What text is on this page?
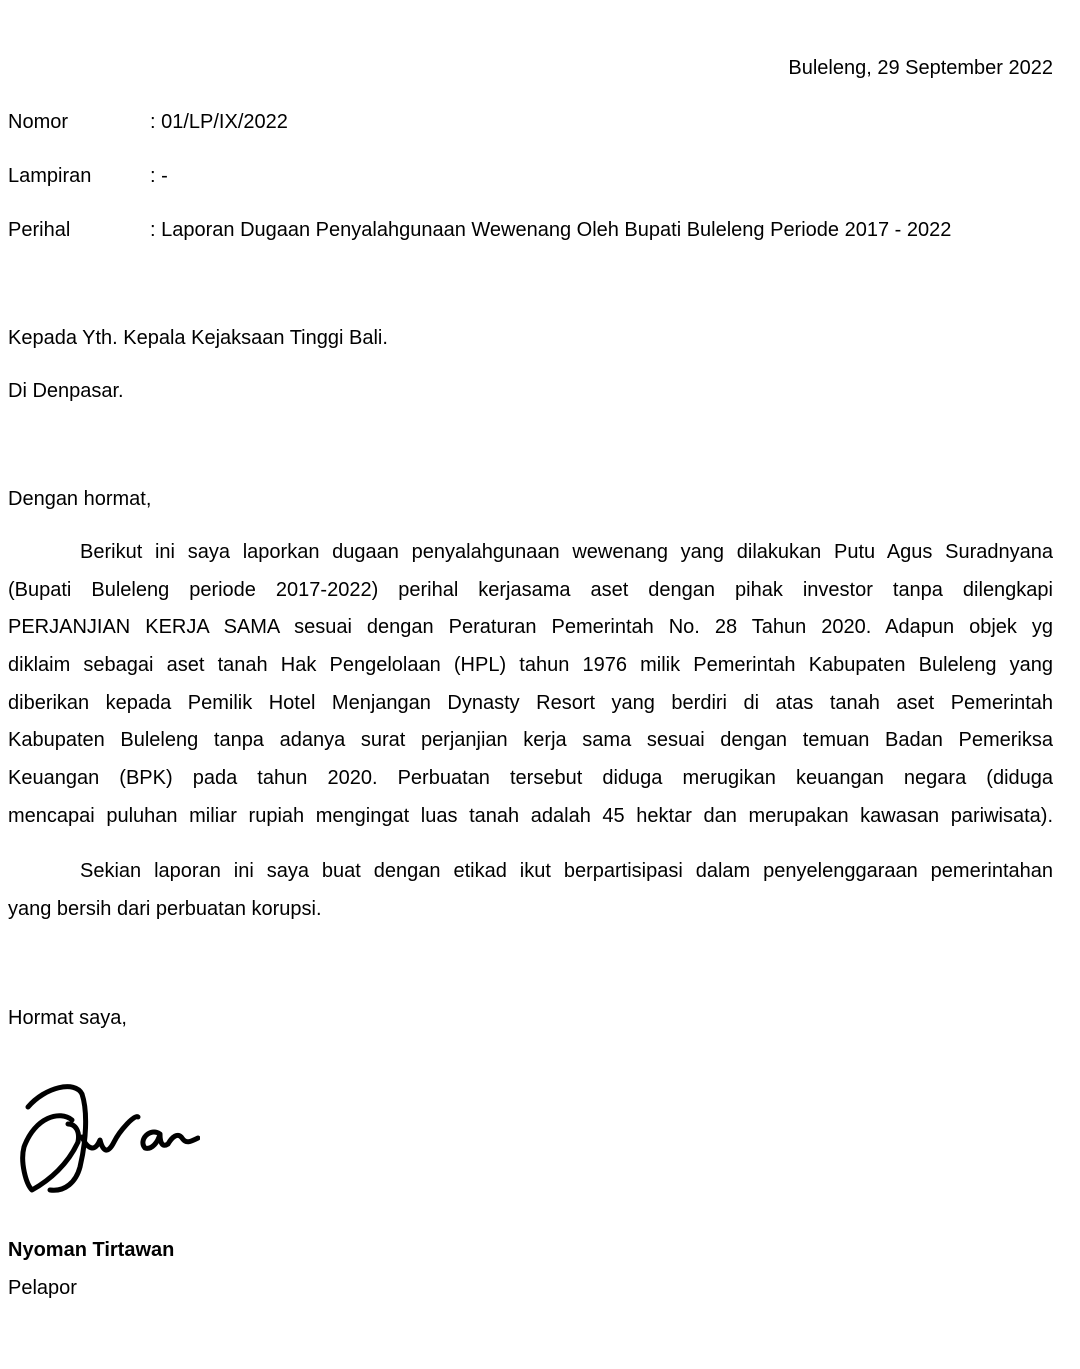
Buleleng, 29 September 2022
Nomor	: 01/LP/IX/2022
Lampiran	: -
Perihal	: Laporan Dugaan Penyalahgunaan Wewenang Oleh Bupati Buleleng Periode 2017 - 2022
Kepada Yth. Kepala Kejaksaan Tinggi Bali.
Di Denpasar.
Dengan hormat,
Berikut ini saya laporkan dugaan penyalahgunaan wewenang yang dilakukan Putu Agus Suradnyana
(Bupati Buleleng periode 2017-2022) perihal kerjasama aset dengan pihak investor tanpa dilengkapi
PERJANJIAN KERJA SAMA sesuai dengan Peraturan Pemerintah No. 28 Tahun 2020. Adapun objek yg
diklaim sebagai aset tanah Hak Pengelolaan (HPL) tahun 1976 milik Pemerintah Kabupaten Buleleng yang
diberikan kepada Pemilik Hotel Menjangan Dynasty Resort yang berdiri di atas tanah aset Pemerintah
Kabupaten Buleleng tanpa adanya surat perjanjian kerja sama sesuai dengan temuan Badan Pemeriksa
Keuangan (BPK) pada tahun 2020. Perbuatan tersebut diduga merugikan keuangan negara (diduga
mencapai puluhan miliar rupiah mengingat luas tanah adalah 45 hektar dan merupakan kawasan pariwisata).
Sekian laporan ini saya buat dengan etikad ikut berpartisipasi dalam penyelenggaraan pemerintahan
yang bersih dari perbuatan korupsi.
Hormat saya,
Nyoman Tirtawan
Pelapor
